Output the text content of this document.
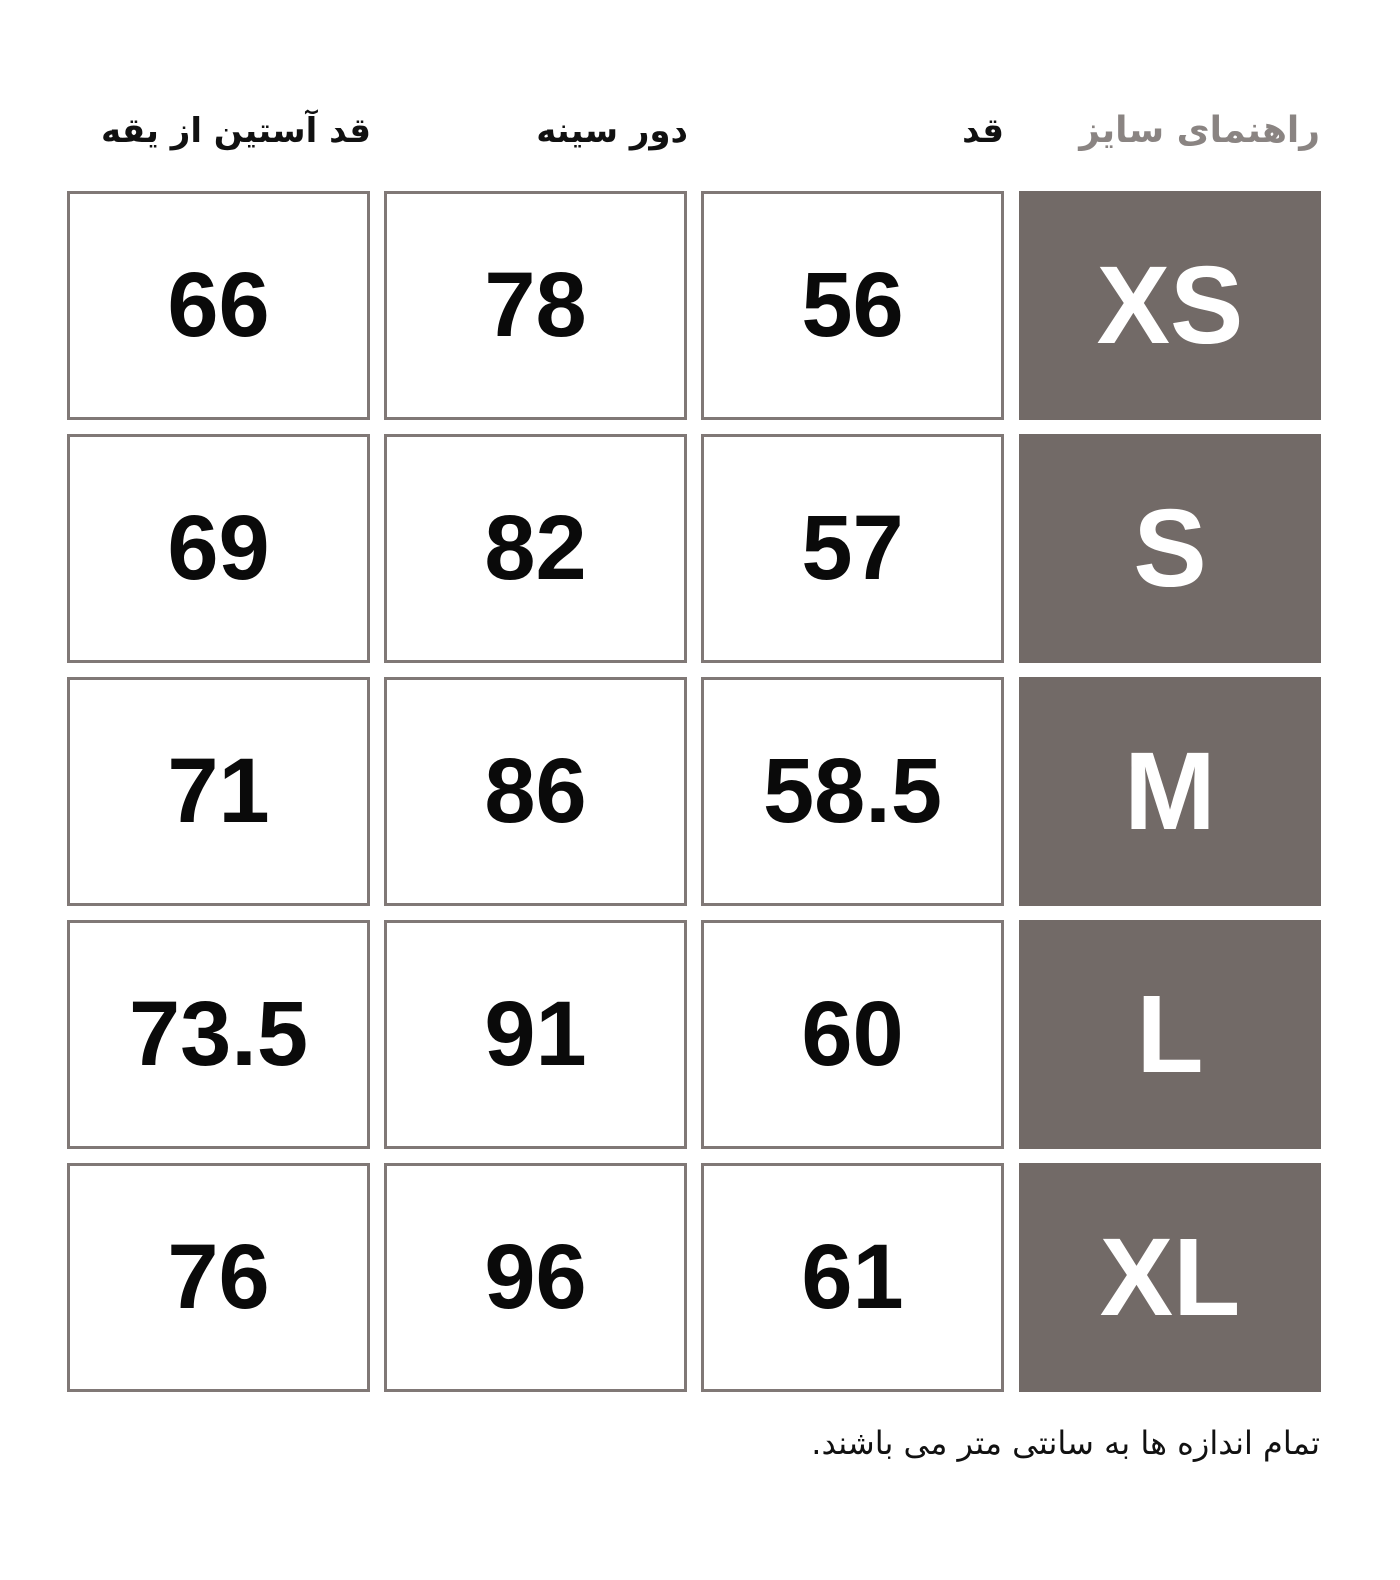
راهنمای سایز
قد
دور سینه
قد آستین از یقه
XS
56
78
66
S
57
82
69
M
58.5
86
71
L
60
91
73.5
XL
61
96
76
تمام اندازه ها به سانتی متر می باشند.
